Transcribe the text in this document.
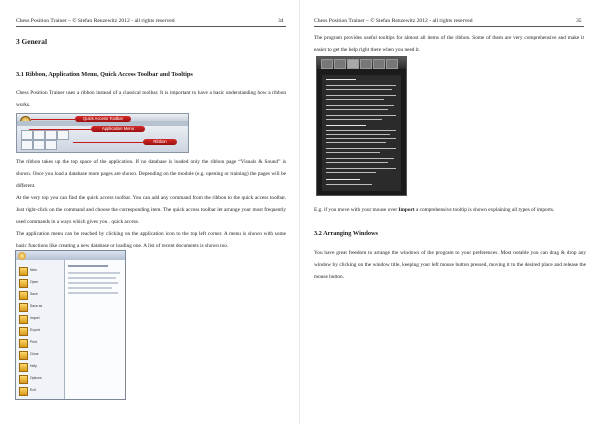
Chess Position Trainer – © Stefan Renzewitz 2012 - all rights reserved	34
3 General
3.1 Ribbon, Application Menu, Quick Access Toolbar and Tooltips
Chess Position Trainer uses a ribbon instead of a classical toolbar. It is important to have a basic understanding how a ribbon works.
Quick Access Toolbar
Application Menu
Ribbon
The ribbon takes up the top space of the application. If no database is loaded only the ribbon page “Visuals & Sound” is shown. Once you load a database more pages are shown. Depending on the module (e.g. opening or training) the pages will be different.
At the very top you can find the quick access toolbar. You can add any command from the ribbon to the quick access toolbar. Just right-click on the command and choose the corresponding item. The quick access toolbar let arrange your most frequently used commands in a ways which gives you . quick access.
The application menu can be reached by clicking on the application icon to the top left corner. A menu is shown with some basic functions like creating a new database or loading one. A list of recent documents is shown too.
New
Open
Save
Save as
Import
Export
Print
Close
Help
Options
Exit
Chess Position Trainer – © Stefan Renzewitz 2012 - all rights reserved	35
The program provides useful tooltips for almost all items of the ribbon. Some of them are very comprehensive and make it easier to get the help right there when you need it.
E.g. if you move with your mouse over Import a comprehensive tooltip is shown explaining all types of imports.
3.2 Arranging Windows
You have great freedom to arrange the windows of the program to your preferences. Most notable you can drag & drop any window by clicking on the window title, keeping your left mouse button pressed, moving it to the desired place and release the mouse button.
